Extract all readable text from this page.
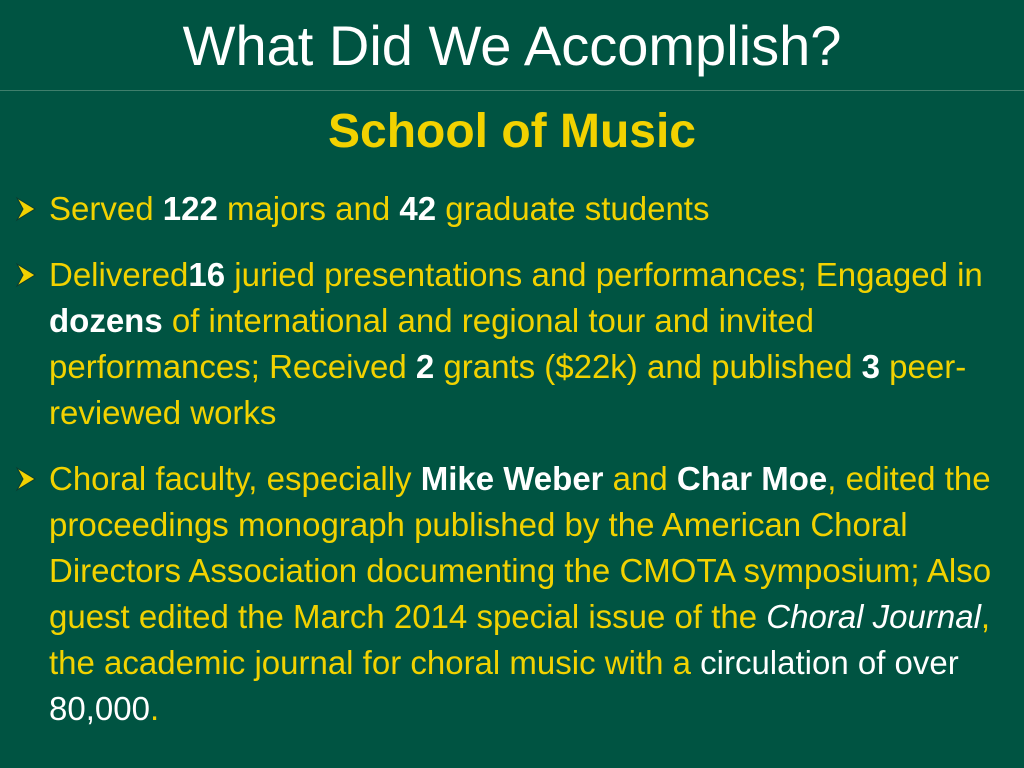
What Did We Accomplish?
School of Music
Served 122 majors and 42 graduate students
Delivered16 juried presentations and performances; Engaged in dozens of international and regional tour and invited performances; Received 2 grants ($22k) and published 3 peer-reviewed works
Choral faculty, especially Mike Weber and Char Moe, edited the proceedings monograph published by the American Choral Directors Association documenting the CMOTA symposium; Also guest edited the March 2014 special issue of the Choral Journal, the academic journal for choral music with a circulation of over 80,000.
